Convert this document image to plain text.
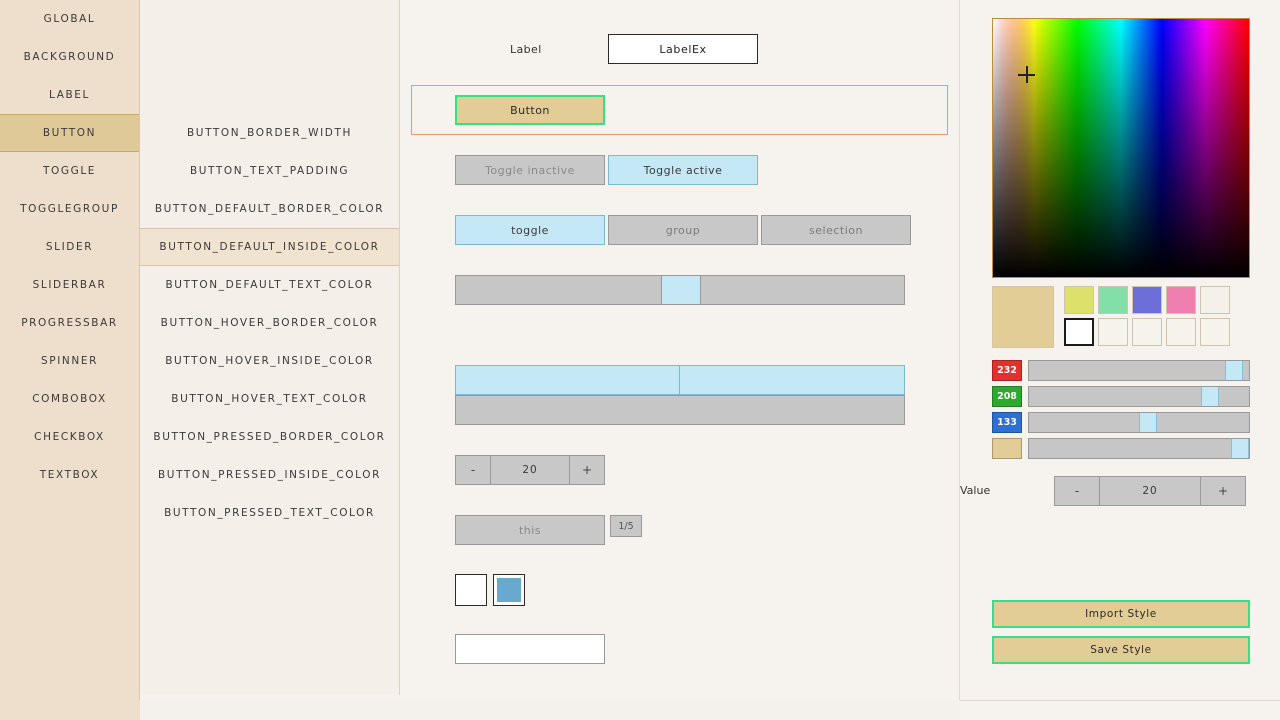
GLOBAL
BACKGROUND
LABEL
BUTTON
TOGGLE
TOGGLEGROUP
SLIDER
SLIDERBAR
PROGRESSBAR
SPINNER
COMBOBOX
CHECKBOX
TEXTBOX
BUTTON_BORDER_WIDTH
BUTTON_TEXT_PADDING
BUTTON_DEFAULT_BORDER_COLOR
BUTTON_DEFAULT_INSIDE_COLOR
BUTTON_DEFAULT_TEXT_COLOR
BUTTON_HOVER_BORDER_COLOR
BUTTON_HOVER_INSIDE_COLOR
BUTTON_HOVER_TEXT_COLOR
BUTTON_PRESSED_BORDER_COLOR
BUTTON_PRESSED_INSIDE_COLOR
BUTTON_PRESSED_TEXT_COLOR
Label	LabelEx
Button
Toggle inactive	Toggle active
toggle	group	selection
-	20	+
this	1/5
232
208
133
Value	-	20	+
Import Style
Save Style
